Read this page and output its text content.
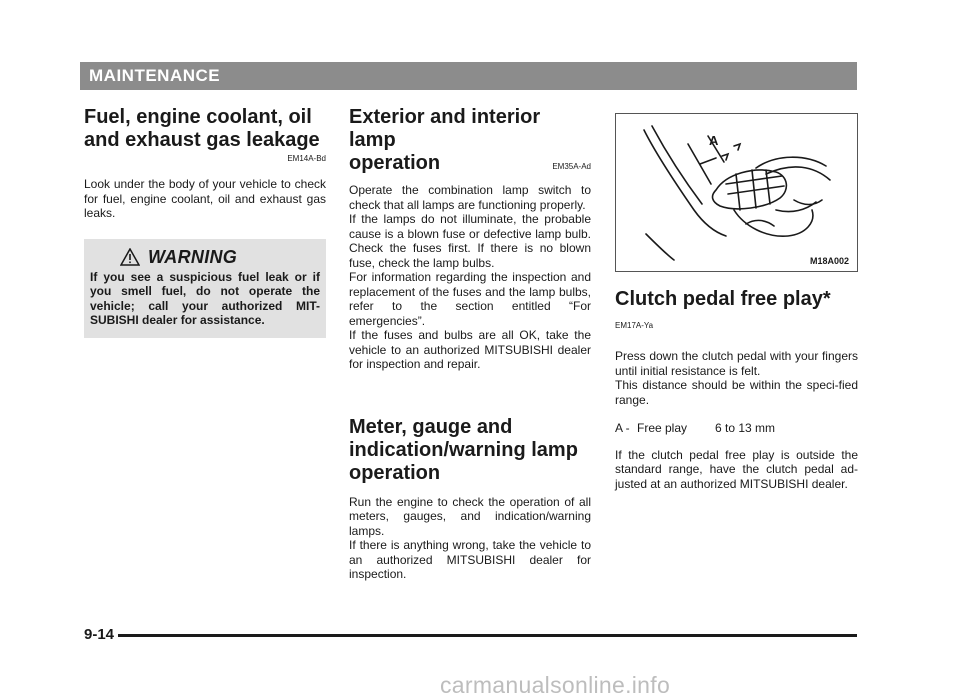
MAINTENANCE
Fuel, engine coolant, oil and exhaust gas leakage
EM14A-Bd

Look under the body of your vehicle to check for fuel, engine coolant, oil and exhaust gas leaks.

WARNING
If you see a suspicious fuel leak or if you smell fuel, do not operate the vehicle; call your authorized MIT-SUBISHI dealer for assistance.
Exterior and interior lamp
operation	EM35A-Ad

Operate the combination lamp switch to check that all lamps are functioning properly.

If the lamps do not illuminate, the probable cause is a blown fuse or defective lamp bulb. Check the fuses first. If there is no blown fuse, check the lamp bulbs.

For information regarding the inspection and replacement of the fuses and the lamp bulbs, refer to the section entitled “For emergencies”.

If the fuses and bulbs are all OK, take the vehicle to an authorized MITSUBISHI dealer for inspection and repair.

Meter, gauge and indication/warning lamp operation

Run the engine to check the operation of all meters, gauges, and indication/warning lamps.

If there is anything wrong, take the vehicle to an authorized MITSUBISHI dealer for inspection.

A
M18A002
Clutch pedal free play* EM17A-Ya

Press down the clutch pedal with your fingers until initial resistance is felt.

This distance should be within the speci-fied range.

A - Free play	6 to 13 mm

If the clutch pedal free play is outside the standard range, have the clutch pedal ad-justed at an authorized MITSUBISHI dealer.

9-14
carmanualsonline.info
